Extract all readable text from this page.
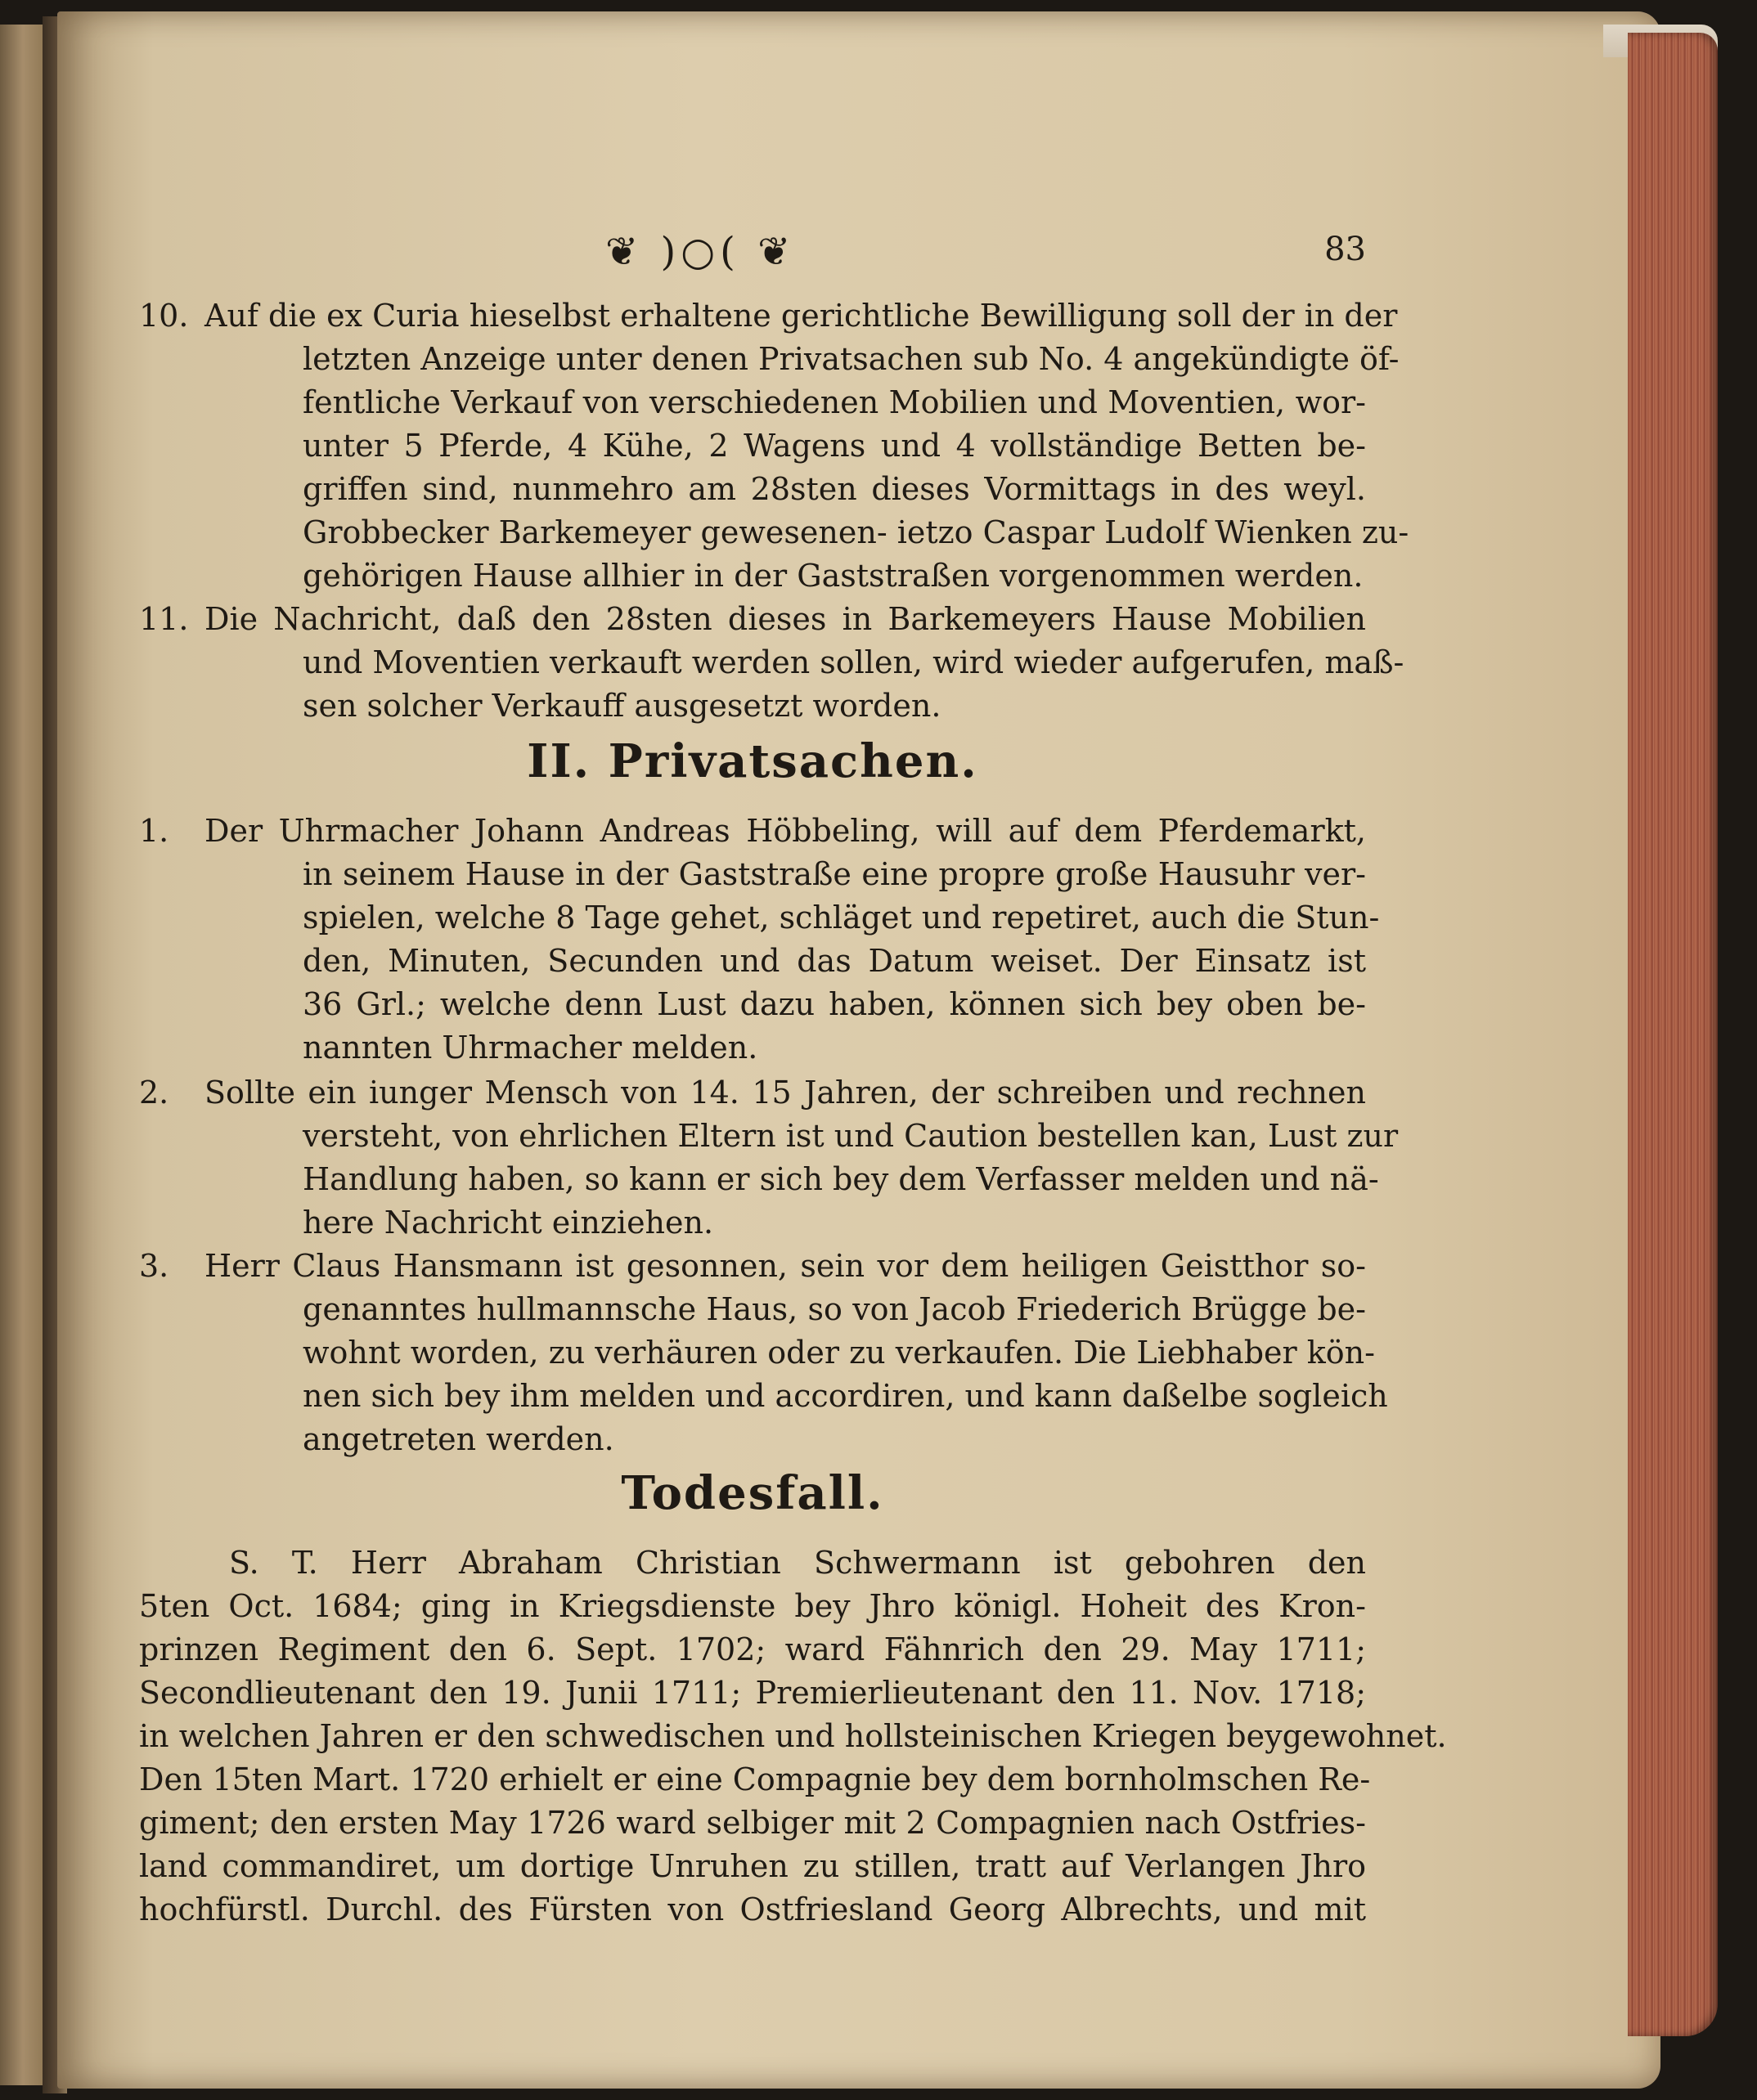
❦ )○( ❦	83
10. Auf die ex Curia hieselbst erhaltene gerichtliche Bewilligung soll der in der
letzten Anzeige unter denen Privatsachen sub No. 4 angekündigte öf-
fentliche Verkauf von verschiedenen Mobilien und Moventien, wor-
unter 5 Pferde, 4 Kühe, 2 Wagens und 4 vollständige Betten be-
griffen sind, nunmehro am 28sten dieses Vormittags in des weyl.
Grobbecker Barkemeyer gewesenen- ietzo Caspar Ludolf Wienken zu-
gehörigen Hause allhier in der Gaststraßen vorgenommen werden.
11. Die Nachricht, daß den 28sten dieses in Barkemeyers Hause Mobilien
und Moventien verkauft werden sollen, wird wieder aufgerufen, maß-
sen solcher Verkauff ausgesetzt worden.
II. Privatsachen.
1.	Der Uhrmacher Johann Andreas Höbbeling, will auf dem Pferdemarkt,
in seinem Hause in der Gaststraße eine propre große Hausuhr ver-
spielen, welche 8 Tage gehet, schläget und repetiret, auch die Stun-
den, Minuten, Secunden und das Datum weiset. Der Einsatz ist
36 Grl.; welche denn Lust dazu haben, können sich bey oben be-
nannten Uhrmacher melden.
2.	Sollte ein iunger Mensch von 14. 15 Jahren, der schreiben und rechnen
versteht, von ehrlichen Eltern ist und Caution bestellen kan, Lust zur
Handlung haben, so kann er sich bey dem Verfasser melden und nä-
here Nachricht einziehen.
3.	Herr Claus Hansmann ist gesonnen, sein vor dem heiligen Geistthor so-
genanntes hullmannsche Haus, so von Jacob Friederich Brügge be-
wohnt worden, zu verhäuren oder zu verkaufen. Die Liebhaber kön-
nen sich bey ihm melden und accordiren, und kann daßelbe sogleich
angetreten werden.
Todesfall.
S. T. Herr Abraham Christian Schwermann ist gebohren den
5ten Oct. 1684; ging in Kriegsdienste bey Jhro königl. Hoheit des Kron-
prinzen Regiment den 6. Sept. 1702; ward Fähnrich den 29. May 1711;
Secondlieutenant den 19. Junii 1711; Premierlieutenant den 11. Nov. 1718;
in welchen Jahren er den schwedischen und hollsteinischen Kriegen beygewohnet.
Den 15ten Mart. 1720 erhielt er eine Compagnie bey dem bornholmschen Re-
giment; den ersten May 1726 ward selbiger mit 2 Compagnien nach Ostfries-
land commandiret, um dortige Unruhen zu stillen, tratt auf Verlangen Jhro
hochfürstl. Durchl. des Fürsten von Ostfriesland Georg Albrechts, und mit
